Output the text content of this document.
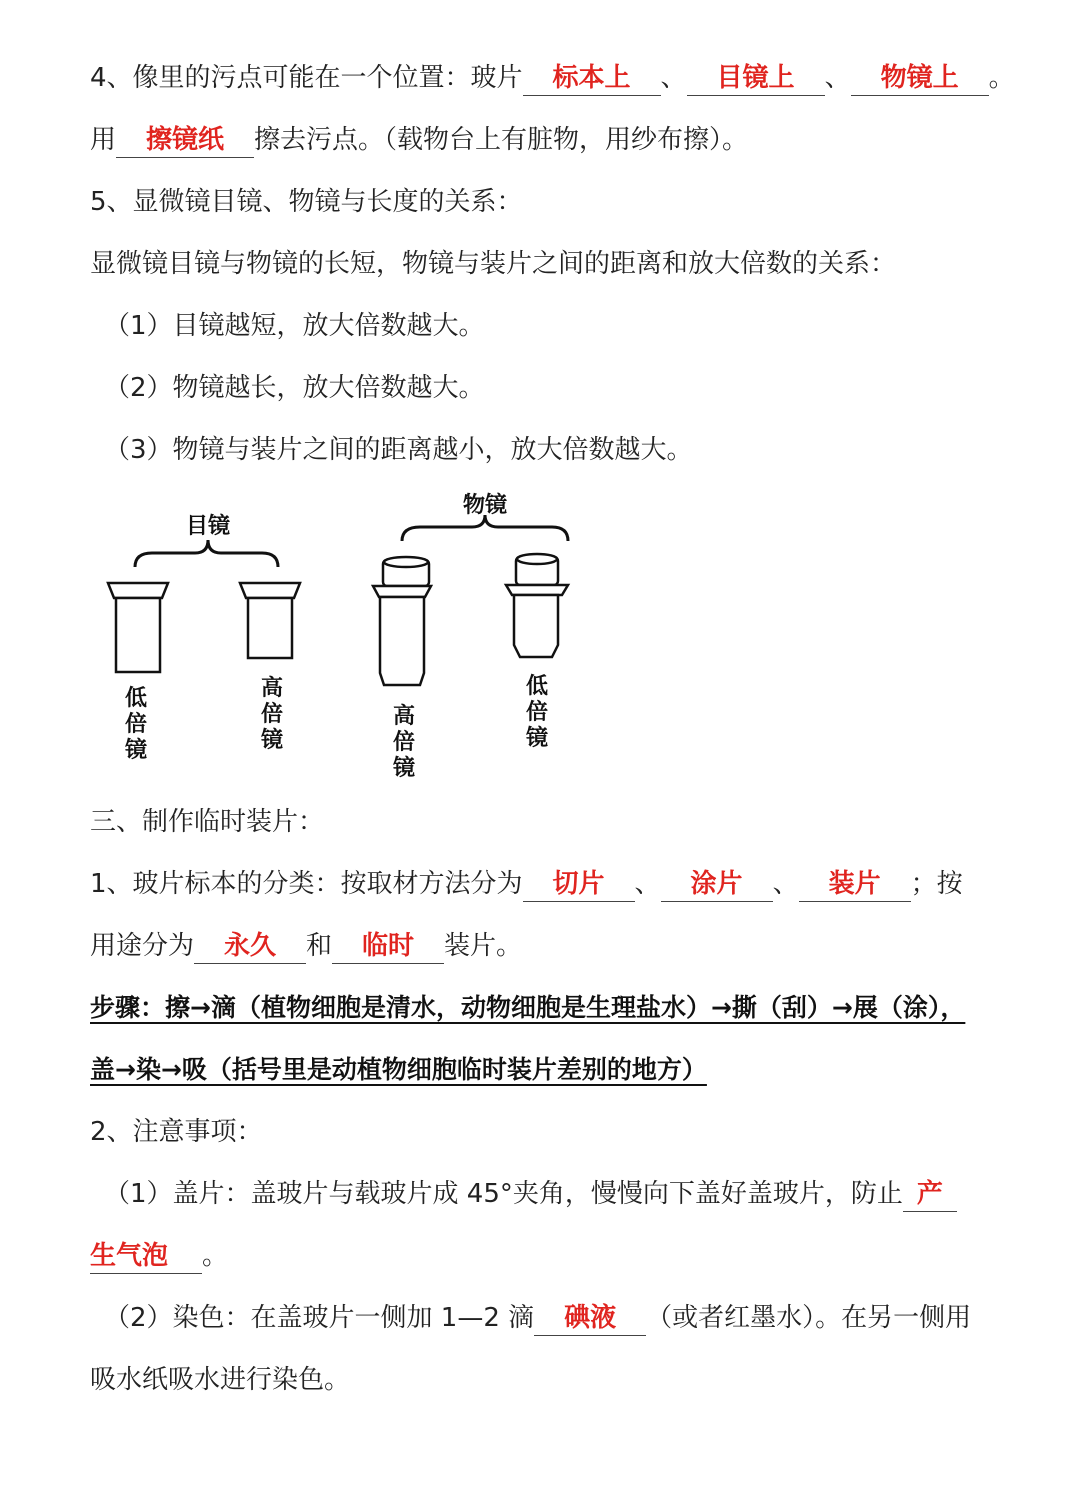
4、像里的污点可能在一个位置：玻片 标本上 、 目镜上 、 物镜上 。
用 擦镜纸 擦去污点。（载物台上有脏物，用纱布擦）。
5、显微镜目镜、物镜与长度的关系：
显微镜目镜与物镜的长短，物镜与装片之间的距离和放大倍数的关系：
（1）目镜越短，放大倍数越大。
（2）物镜越长，放大倍数越大。
（3）物镜与装片之间的距离越小，放大倍数越大。
目镜
物镜
低
倍
镜
高
倍
镜
高
倍
镜
低
倍
镜
三、制作临时装片：
1、玻片标本的分类：按取材方法分为 切片 、 涂片 、 装片 ；按
用途分为 永久 和 临时 装片。
步骤：擦→滴（植物细胞是清水，动物细胞是生理盐水）→撕（刮）→展（涂），
盖→染→吸（括号里是动植物细胞临时装片差别的地方）
2、注意事项：
（1）盖片：盖玻片与载玻片成 45°夹角，慢慢向下盖好盖玻片，防止 产
生气泡 。
（2）染色：在盖玻片一侧加 1—2 滴 碘液 （或者红墨水）。在另一侧用
吸水纸吸水进行染色。
